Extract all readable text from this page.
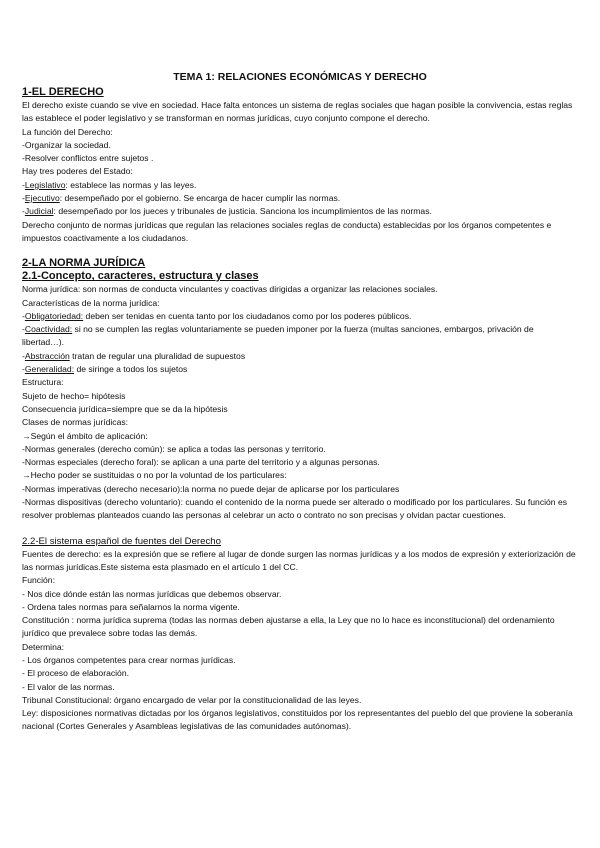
TEMA 1: RELACIONES ECONÓMICAS Y DERECHO
1-EL DERECHO
El derecho existe cuando se vive en sociedad. Hace falta entonces un sistema de reglas sociales que hagan posible la convivencia, estas reglas las establece el poder legislativo y se transforman en normas jurídicas, cuyo conjunto compone el derecho.
La función del Derecho:
-Organizar la sociedad.
-Resolver conflictos entre sujetos .
Hay tres poderes del Estado:
-Legislativo: establece las normas y las leyes.
-Ejecutivo: desempeñado por el gobierno. Se encarga de hacer cumplir las normas.
-Judicial: desempeñado por los jueces y tribunales de justicia. Sanciona los incumplimientos de las normas.
Derecho conjunto de normas jurídicas que regulan las relaciones sociales reglas de conducta) establecidas por los órganos competentes e impuestos coactivamente a los ciudadanos.
2-LA NORMA JURÍDICA
2.1-Concepto, caracteres, estructura y clases
Norma jurídica: son normas de conducta vinculantes y coactivas dirigidas a organizar las relaciones sociales.
Características de la norma jurídica:
-Obligatoriedad: deben ser tenidas en cuenta tanto por los ciudadanos como por los poderes públicos.
-Coactividad: si no se cumplen las reglas voluntariamente se pueden imponer por la fuerza (multas sanciones, embargos, privación de libertad…).
-Abstracción tratan de regular una pluralidad de supuestos
-Generalidad: de siringe a todos los sujetos
Estructura:
Sujeto de hecho= hipótesis
Consecuencia jurídica=siempre que se da la hipótesis
Clases de normas jurídicas:
→Según el ámbito de aplicación:
-Normas generales (derecho común): se aplica a todas las personas y territorio.
-Normas especiales (derecho foral): se aplican a una parte del territorio y a algunas personas.
→Hecho poder se sustituidas o no por la voluntad de los particulares:
-Normas imperativas (derecho necesario):la norma no puede dejar de aplicarse por los particulares
-Normas dispositivas (derecho voluntario): cuando el contenido de la norma puede ser alterado o modificado por los particulares. Su función es resolver problemas planteados cuando las personas al celebrar un acto o contrato no son precisas y olvidan pactar cuestiones.
2.2-El sistema español de fuentes del Derecho
Fuentes de derecho: es la expresión que se refiere al lugar de donde surgen las normas jurídicas y a los modos de expresión y exteriorización de las normas jurídicas.Este sistema esta plasmado en el artículo 1 del CC.
Función:
- Nos dice dónde están las normas jurídicas que debemos observar.
- Ordena tales normas para señalarnos la norma vigente.
Constitución : norma jurídica suprema (todas las normas deben ajustarse a ella, la Ley que no lo hace es inconstitucional) del ordenamiento jurídico que prevalece sobre todas las demás.
Determina:
- Los órganos competentes para crear normas jurídicas.
- El proceso de elaboración.
- El valor de las normas.
Tribunal Constitucional: órgano encargado de velar por la constitucionalidad de las leyes.
Ley: disposiciones normativas dictadas por los órganos legislativos, constituidos por los representantes del pueblo del que proviene la soberanía nacional (Cortes Generales y Asambleas legislativas de las comunidades autónomas).
